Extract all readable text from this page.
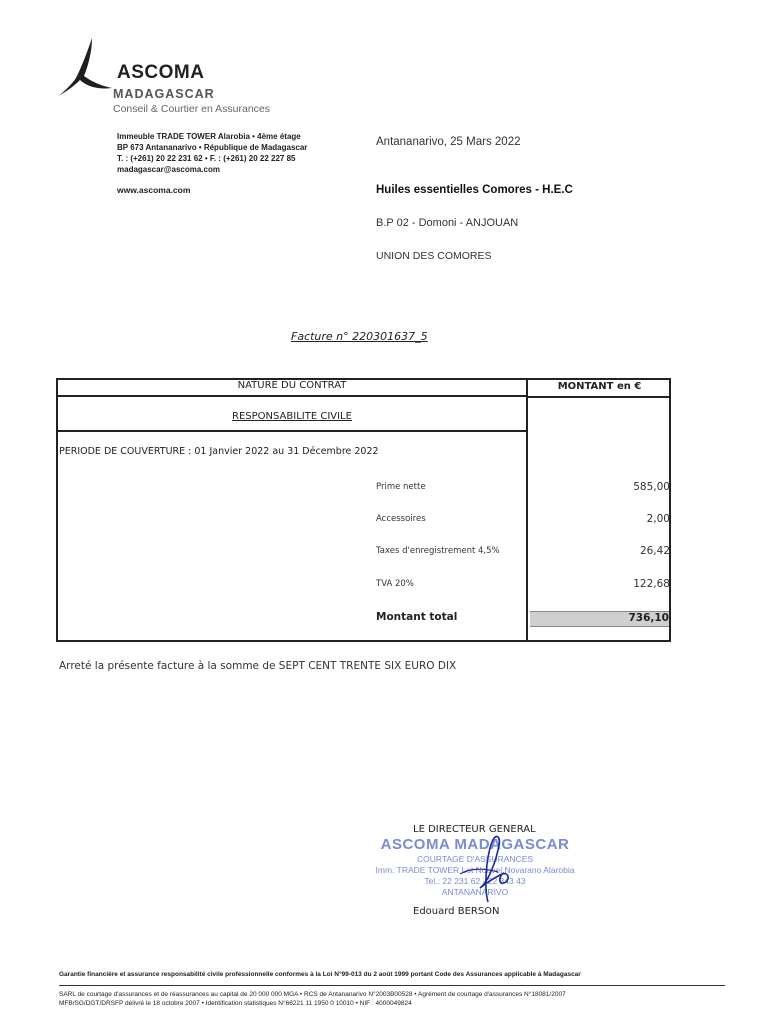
ASCOMA
MADAGASCAR
Conseil & Courtier en Assurances
Immeuble TRADE TOWER Alarobia • 4ème étage
BP 673 Antananarivo • République de Madagascar
T. : (+261) 20 22 231 62 • F. : (+261) 20 22 227 85
madagascar@ascoma.com
www.ascoma.com
Antananarivo, 25 Mars 2022
Huiles essentielles Comores - H.E.C
B.P 02 - Domoni - ANJOUAN
UNION DES COMORES
Facture n° 220301637_5
NATURE DU CONTRAT	MONTANT en €
RESPONSABILITE CIVILE
PERIODE DE COUVERTURE : 01 Janvier 2022 au 31 Décembre 2022
Prime nette	585,00
Accessoires	2,00
Taxes d'enregistrement 4,5%	26,42
TVA 20%	122,68
Montant total	736,10
Arreté la présente facture à la somme de SEPT CENT TRENTE SIX EURO DIX
LE DIRECTEUR GENERAL
ASCOMA MADAGASCAR
COURTAGE D'ASSURANCES
Imm. TRADE TOWER Lot Nouvel Novarano Alarobia
Tel.: 22 231 62 - 22 343 43
ANTANANARIVO
Edouard BERSON
Garantie financière et assurance responsabilité civile professionnelle conformes à la Loi N°99-013 du 2 août 1999 portant Code des Assurances applicable à Madagascar
SARL de courtage d'assurances et de réassurances au capital de 20 000 000 MGA • RCS de Antananarivo N°2003B00528 • Agrément de courtage d'assurances N°18081/2007
MFB/SG/DGT/DRSFP délivré le 18 octobre 2007 • Identification statistiques N°66221 11 1950 0 10010 • NIF : 4000049824
